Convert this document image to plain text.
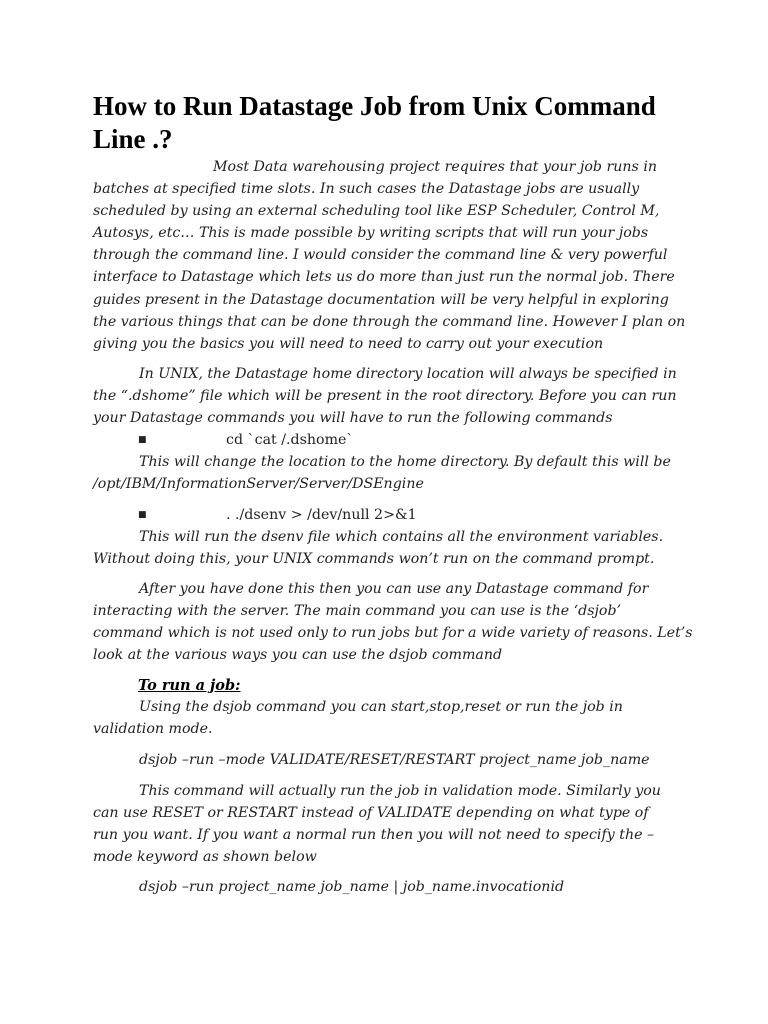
How to Run Datastage Job from Unix Command Line .?

Most Data warehousing project requires that your job runs in batches at specified time slots. In such cases the Datastage jobs are usually scheduled by using an external scheduling tool like ESP Scheduler, Control M, Autosys, etc… This is made possible by writing scripts that will run your jobs through the command line. I would consider the command line & very powerful interface to Datastage which lets us do more than just run the normal job. There guides present in the Datastage documentation will be very helpful in exploring the various things that can be done through the command line. However I plan on giving you the basics you will need to need to carry out your execution

In UNIX, the Datastage home directory location will always be specified in the “.dshome” file which will be present in the root directory. Before you can run your Datastage commands you will have to run the following commands

■	cd `cat /.dshome`

This will change the location to the home directory. By default this will be /opt/IBM/InformationServer/Server/DSEngine

■	. ./dsenv > /dev/null 2>&1

This will run the dsenv file which contains all the environment variables. Without doing this, your UNIX commands won’t run on the command prompt.

After you have done this then you can use any Datastage command for interacting with the server. The main command you can use is the ‘dsjob’ command which is not used only to run jobs but for a wide variety of reasons. Let’s look at the various ways you can use the dsjob command

To run a job:

Using the dsjob command you can start,stop,reset or run the job in validation mode.

dsjob –run –mode VALIDATE/RESET/RESTART project_name job_name

This command will actually run the job in validation mode. Similarly you can use RESET or RESTART instead of VALIDATE depending on what type of run you want. If you want a normal run then you will not need to specify the –mode keyword as shown below

dsjob –run project_name job_name | job_name.invocationid
